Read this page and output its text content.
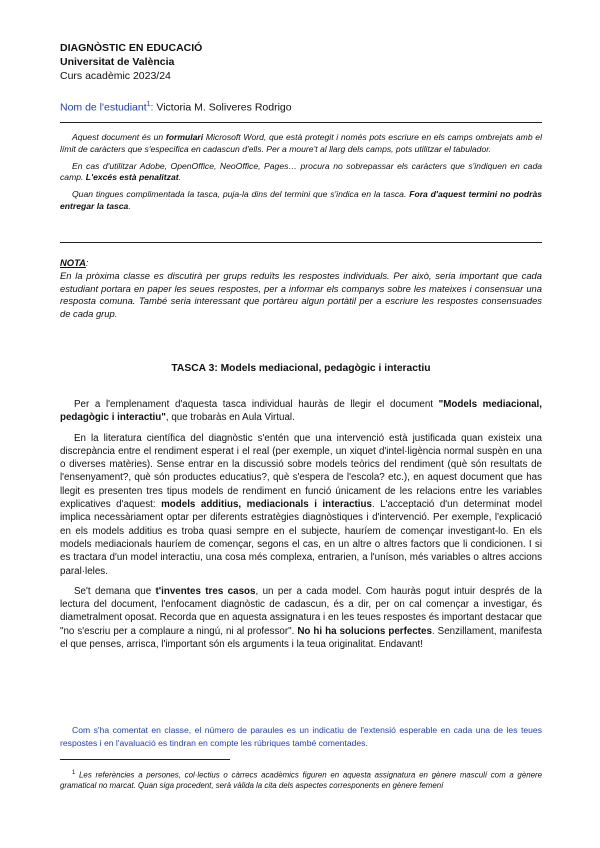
DIAGNÒSTIC EN EDUCACIÓ
Universitat de València
Curs acadèmic 2023/24
Nom de l'estudiant$^1$: Victoria M. Soliveres Rodrigo

Aquest document és un formulari Microsoft Word, que està protegit i només pots escriure en els camps ombrejats amb el límit de caràcters que s'especifica en cadascun d'ells. Per a moure't al llarg dels camps, pots utilitzar el tabulador.

En cas d'utilitzar Adobe, OpenOffice, NeoOffice, Pages… procura no sobrepassar els caràcters que s'indiquen en cada camp. L'excés està penalitzat.

Quan tingues complimentada la tasca, puja-la dins del termini que s'indica en la tasca. Fora d'aquest termini no podràs entregar la tasca.

NOTA:

En la pròxima classe es discutirà per grups reduïts les respostes individuals. Per això, seria important que cada estudiant portara en paper les seues respostes, per a informar els companys sobre les mateixes i consensuar una resposta comuna. També seria interessant que portàreu algun portàtil per a escriure les respostes consensuades de cada grup.

TASCA 3: Models mediacional, pedagògic i interactiu

Per a l'emplenament d'aquesta tasca individual hauràs de llegir el document "Models mediacional, pedagògic i interactiu", que trobaràs en Aula Virtual.

En la literatura científica del diagnòstic s'entén que una intervenció està justificada quan existeix una discrepància entre el rendiment esperat i el real (per exemple, un xiquet d'intel·ligència normal suspèn en una o diverses matèries). Sense entrar en la discussió sobre models teòrics del rendiment (què són resultats de l'ensenyament?, què són productes educatius?, què s'espera de l'escola? etc.), en aquest document que has llegit es presenten tres tipus models de rendiment en funció únicament de les relacions entre les variables explicatives d'aquest: models additius, mediacionals i interactius. L'acceptació d'un determinat model implica necessàriament optar per diferents estratègies diagnòstiques i d'intervenció. Per exemple, l'explicació en els models additius es troba quasi sempre en el subjecte, hauríem de començar investigant-lo. En els models mediacionals hauríem de començar, segons el cas, en un altre o altres factors que li condicionen. I si es tractara d'un model interactiu, una cosa més complexa, entrarien, a l'uníson, més variables o altres accions paral·leles.

Se't demana que t'inventes tres casos, un per a cada model. Com hauràs pogut intuir després de la lectura del document, l'enfocament diagnòstic de cadascun, és a dir, per on cal començar a investigar, és diametralment oposat. Recorda que en aquesta assignatura i en les teues respostes és important destacar que "no s'escriu per a complaure a ningú, ni al professor". No hi ha solucions perfectes. Senzillament, manifesta el que penses, arrisca, l'important són els arguments i la teua originalitat. Endavant!

Com s'ha comentat en classe, el número de paraules es un indicatiu de l'extensió esperable en cada una de les teues respostes i en l'avaluació es tindran en compte les rúbriques també comentades.

$^1$ Les referències a persones, col·lectius o càrrecs acadèmics figuren en aquesta assignatura en gènere masculí com a gènere gramatical no marcat. Quan siga procedent, serà vàlida la cita dels aspectes corresponents en gènere femení
